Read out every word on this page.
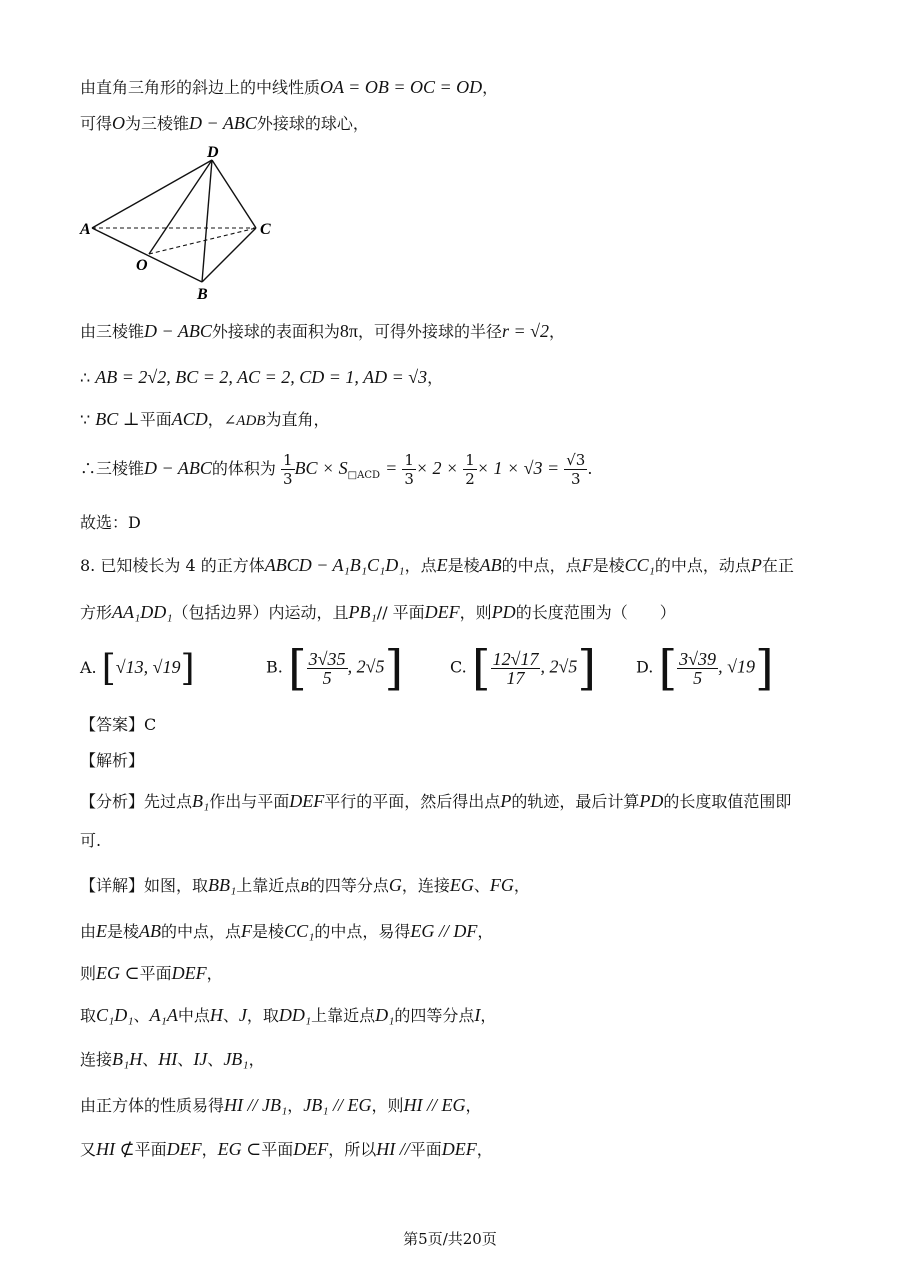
由直角三角形的斜边上的中线性质OA = OB = OC = OD，
可得O为三棱锥D − ABC外接球的球心，
D
A	C
O
B
由三棱锥D − ABC外接球的表面积为8π，可得外接球的半径r = √2，
∴ AB = 2√2, BC = 2, AC = 2, CD = 1, AD = √3，
∵ BC ⊥平面ACD，∠ADB为直角，
∴三棱锥D − ABC的体积为 $\frac{1}{3}$ BC × $S_{□ACD} = \frac{1}{3} \times 2 \times \frac{1}{2} \times 1 \times √3 = \frac{√3}{3}$ .
故选：D
8. 已知棱长为 4 的正方体ABCD − A₁B₁C₁D₁，点E是棱AB的中点，点F是棱CC₁的中点，动点P在正
方形AA₁DD₁（包括边界）内运动，且PB₁// 平面DEF，则PD的长度范围为（　　）
A. [√13, √19]	B. [ $\frac{3√35}{5}$ , 2√5]	C. [ $\frac{12√17}{17}$ , 2√5] D. [ $\frac{3√39}{5}$ , √19]
【答案】C
【解析】
【分析】先过点B₁作出与平面DEF平行的平面，然后得出点P的轨迹，最后计算PD的长度取值范围即
可.
【详解】如图，取BB₁上靠近点B的四等分点G，连接EG、FG，
由E是棱AB的中点，点F是棱CC₁的中点，易得EG // DF，
则EG ⊂平面DEF，
取C₁D₁、A₁A中点H、J，取DD₁上靠近点D₁的四等分点I，
连接B₁H、HI、IJ、JB₁，
由正方体的性质易得HI // JB₁，JB₁ // EG，则HI // EG，
又HI ⊄平面DEF，EG ⊂平面DEF，所以HI //平面DEF，
第5页/共20页
